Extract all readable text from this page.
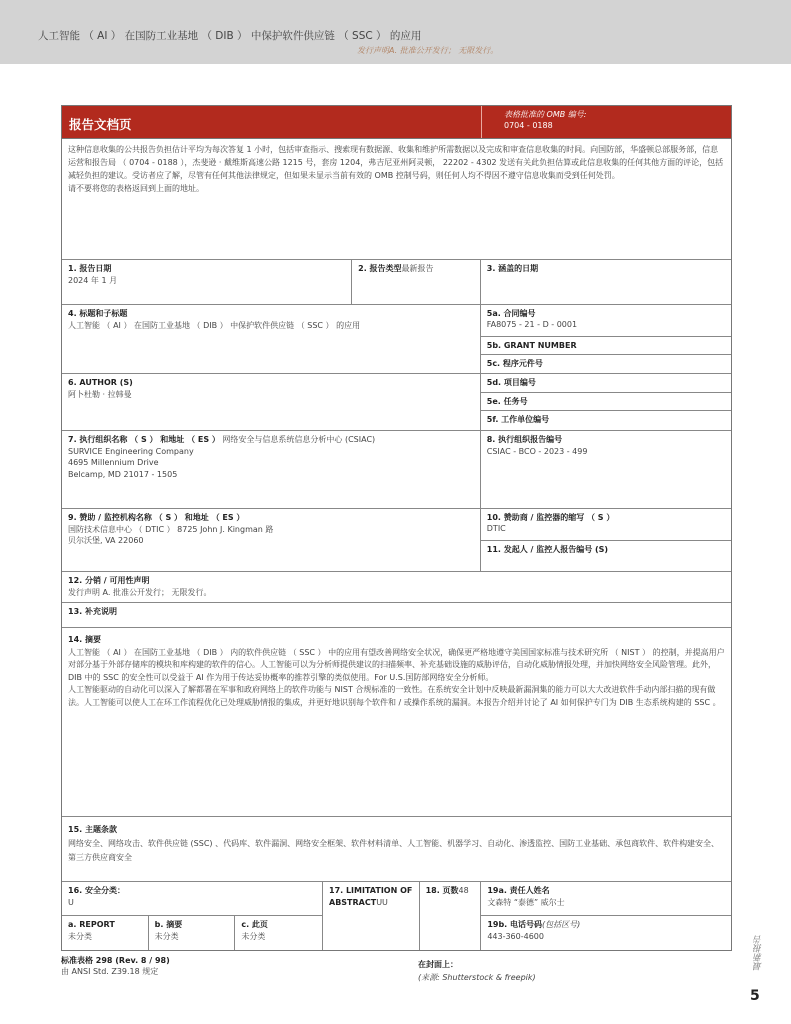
人工智能 （ AI ） 在国防工业基地 （ DIB ） 中保护软件供应链 （ SSC ） 的应用
发行声明A. 批准公开发行； 无限发行。
报告文档页
表格批准的 OMB 编号:
0704 - 0188
这种信息收集的公共报告负担估计平均为每次答复 1 小时，包括审查指示、搜索现有数据源、收集和维护所需数据以及完成和审查信息收集的时间。向国防部，华盛顿总部服务部，信息运营和报告局 （ 0704 - 0188 ），杰斐逊 · 戴维斯高速公路 1215 号，套房 1204，弗吉尼亚州阿灵顿， 22202 - 4302 发送有关此负担估算或此信息收集的任何其他方面的评论，包括减轻负担的建议。受访者应了解，尽管有任何其他法律规定，但如果未显示当前有效的 OMB 控制号码，则任何人均不得因不遵守信息收集而受到任何处罚。
请不要将您的表格返回到上面的地址。
1. 报告日期
2024 年 1 月
2. 报告类型最新报告	3. 涵盖的日期
4. 标题和子标题
人工智能 （ AI ） 在国防工业基地 （ DIB ） 中保护软件供应链 （ SSC ） 的应用
6. AUTHOR (S)
阿卜杜勒 · 拉韩曼
5a. 合同编号
FA8075 - 21 - D - 0001
5b. GRANT NUMBER
5c. 程序元件号
5d. 项目编号
5e. 任务号
5f. 工作单位编号
7. 执行组织名称 （ S ） 和地址 （ ES ） 网络安全与信息系统信息分析中心 (CSIAC)
SURVICE Engineering Company
4695 Millennium Drive
Belcamp, MD 21017 - 1505
8. 执行组织报告编号
CSIAC - BCO - 2023 - 499
9. 赞助 / 监控机构名称 （ S ） 和地址 （ ES ）
国防技术信息中心 （ DTIC ） 8725 John J. Kingman 路
贝尔沃堡, VA 22060
10. 赞助商 / 监控器的缩写 （ S ）
DTIC
11. 发起人 / 监控人报告编号 (S)
12. 分销 / 可用性声明
发行声明 A. 批准公开发行； 无限发行。
13. 补充说明
14. 摘要
人工智能 （ AI ） 在国防工业基地 （ DIB ） 内的软件供应链 （ SSC ） 中的应用有望改善网络安全状况，确保更严格地遵守美国国家标准与技术研究所 （ NIST ） 的控制，并提高用户对部分基于外部存储库的模块和库构建的软件的信心。人工智能可以为分析师提供建议的扫描频率、补充基础设施的威胁评估，自动化威胁情报处理，并加快网络安全风险管理。此外，DIB 中的 SSC 的安全性可以受益于 AI 作为用于传达妥协概率的推荐引擎的类似使用。For U.S.国防部网络安全分析师。
人工智能驱动的自动化可以深入了解都署在军事和政府网络上的软件功能与 NIST 合规标准的一致性。在系统安全计划中反映最新漏洞集的能力可以大大改进软件手动内部扫描的现有做法。人工智能可以使人工在环工作流程优化已处理威胁情报的集成，并更好地识别每个软件和 / 或操作系统的漏洞。本报告介绍并讨论了 AI 如何保护专门为 DIB 生态系统构建的 SSC 。
15. 主题条款
网络安全、网络攻击、软件供应链 (SSC) 、代码库、软件漏洞、网络安全框架、软件材料清单、人工智能、机器学习、自动化、渗透监控、国防工业基础、承包商软件、软件构建安全、第三方供应商安全
16. 安全分类：
U
a. REPORT
未分类
b. 摘要
未分类
c. 此页
未分类
17. LIMITATION OF ABSTRACTUU
18. 页数48	19a. 责任人姓名
文森特 “泰德” 威尔士
19b. 电话号码(包括区号)
443-360-4600
标准表格 298 (Rev. 8 / 98)
由 ANSI Std. Z39.18 规定
在封面上：
(来源: Shutterstock & freepik)
最新报告
5
